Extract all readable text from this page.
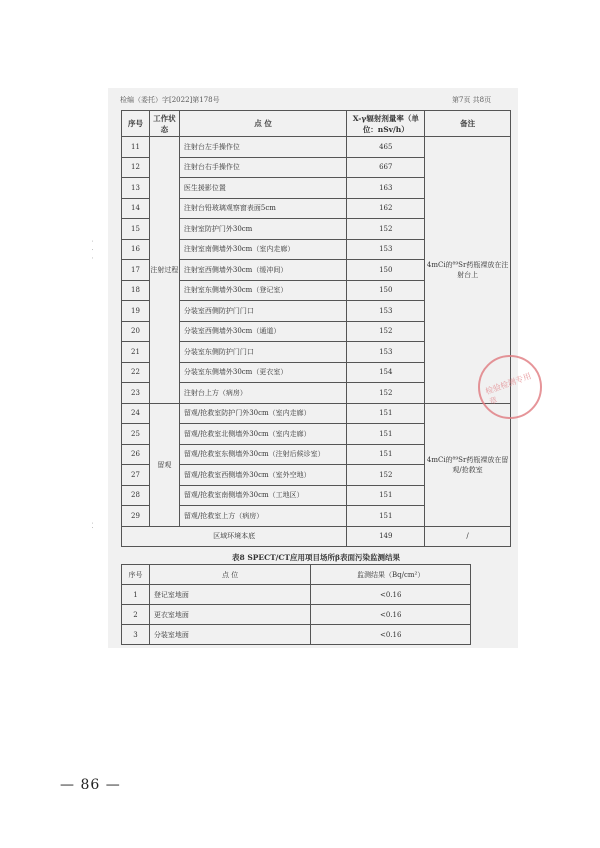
检编（委托）字[2022]第178号	第7页 共8页
序号	工作状态	点 位	X-γ辐射剂量率（单位：nSv/h）	备注
11	注射过程	注射台左手操作位	465	4mCi的⁸⁹Sr药瓶裸放在注射台上
12		注射台右手操作位	667	
13		医生援影位置	163	
14		注射台铅玻璃观察窗表面5cm	162	
15		注射室防护门外30cm	152	
16		注射室南侧墙外30cm（室内走廊）	153	
17		注射室西侧墙外30cm（缓冲间）	150	
18		注射室东侧墙外30cm（登记室）	150	
19		分装室西侧防护门门口	153	
20		分装室西侧墙外30cm（通道）	152	
21		分装室东侧防护门门口	153	
22		分装室东侧墙外30cm（更衣室）	154	
23		注射台上方（病房）	152	
24	留观	留观/抢救室防护门外30cm（室内走廊）	151	4mCi的⁸⁹Sr药瓶裸放在留观/抢救室
25		留观/抢救室北侧墙外30cm（室内走廊）	151	
26		留观/抢救室东侧墙外30cm（注射后候诊室）	151	
27		留观/抢救室西侧墙外30cm（室外空地）	152	
28		留观/抢救室南侧墙外30cm（工地区）	151	
29		留观/抢救室上方（病房）	151	
区域环境本底			149	/
表8 SPECT/CT应用项目场所β表面污染监测结果
序号	点 位	监测结果（Bq/cm²）
1	登记室地面	<0.16
2	更衣室地面	<0.16
3	分装室地面	<0.16
检验检测专用章
· · ·
· ·
— 86 —
